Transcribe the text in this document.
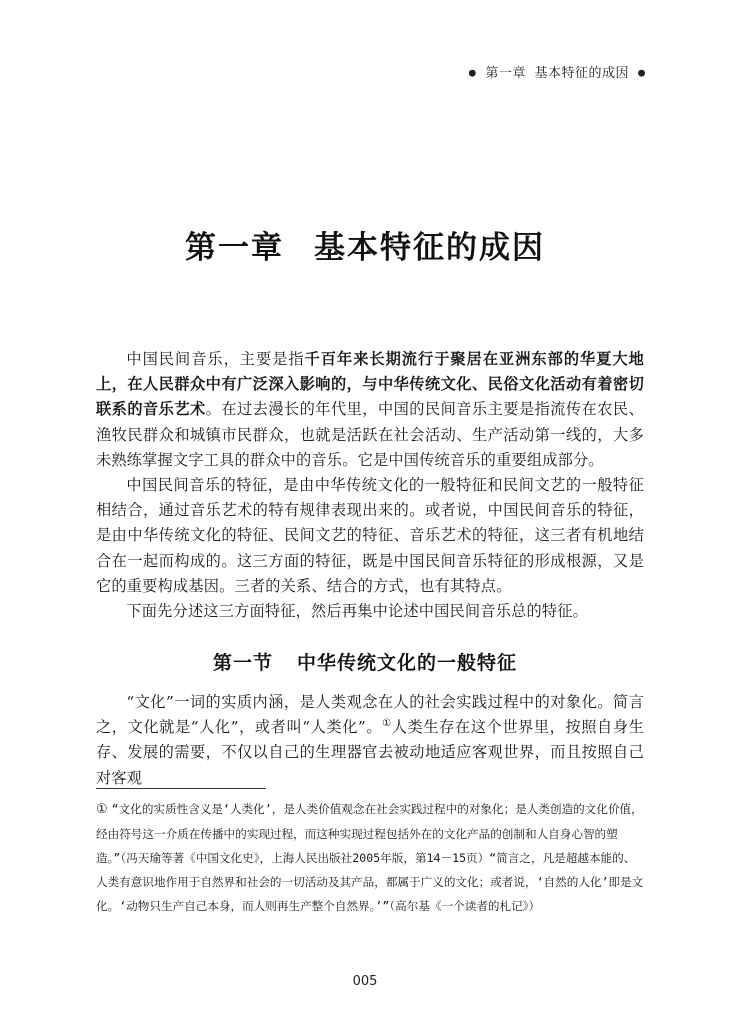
● 第一章 基本特征的成因 ●
第一章 基本特征的成因

中国民间音乐，主要是指千百年来长期流行于聚居在亚洲东部的华夏大地上，在人民群众中有广泛深入影响的，与中华传统文化、民俗文化活动有着密切联系的音乐艺术。在过去漫长的年代里，中国的民间音乐主要是指流传在农民、渔牧民群众和城镇市民群众，也就是活跃在社会活动、生产活动第一线的，大多未熟练掌握文字工具的群众中的音乐。它是中国传统音乐的重要组成部分。

中国民间音乐的特征，是由中华传统文化的一般特征和民间文艺的一般特征相结合，通过音乐艺术的特有规律表现出来的。或者说，中国民间音乐的特征，是由中华传统文化的特征、民间文艺的特征、音乐艺术的特征，这三者有机地结合在一起而构成的。这三方面的特征，既是中国民间音乐特征的形成根源，又是它的重要构成基因。三者的关系、结合的方式，也有其特点。

下面先分述这三方面特征，然后再集中论述中国民间音乐总的特征。

第一节 中华传统文化的一般特征

“文化”一词的实质内涵，是人类观念在人的社会实践过程中的对象化。简言之，文化就是“人化”，或者叫“人类化”。①人类生存在这个世界里，按照自身生存、发展的需要，不仅以自己的生理器官去被动地适应客观世界，而且按照自己对客观

① “文化的实质性含义是‘人类化’，是人类价值观念在社会实践过程中的对象化；是人类创造的文化价值，经由符号这一介质在传播中的实现过程，而这种实现过程包括外在的文化产品的创制和人自身心智的塑造。”（冯天瑜等著《中国文化史》，上海人民出版社2005年版，第14－15页）“简言之，凡是超越本能的、人类有意识地作用于自然界和社会的一切活动及其产品，都属于广义的文化；或者说，‘自然的人化’即是文化。‘动物只生产自己本身，而人则再生产整个自然界。’”（高尔基《一个读者的札记》）
005
